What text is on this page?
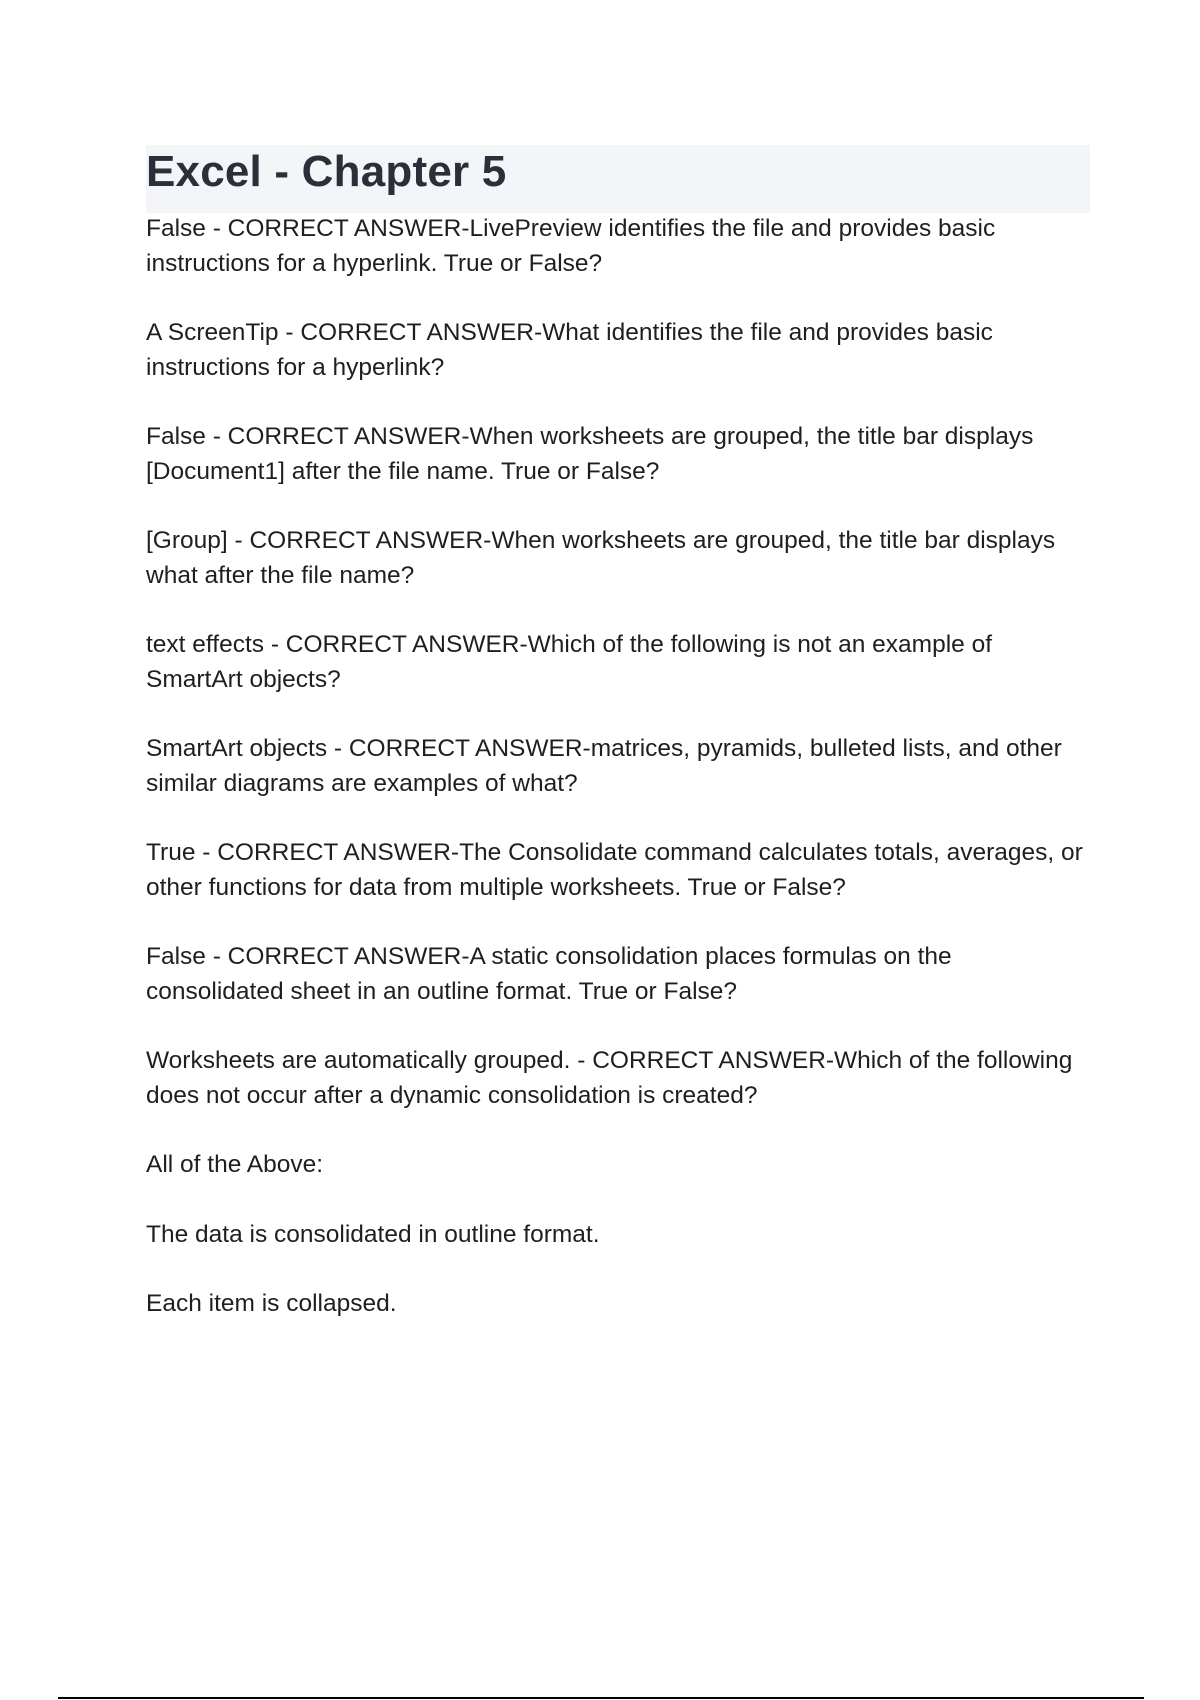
Excel - Chapter 5

False - CORRECT ANSWER-LivePreview identifies the file and provides basic instructions for a hyperlink. True or False?

A ScreenTip - CORRECT ANSWER-What identifies the file and provides basic instructions for a hyperlink?

False - CORRECT ANSWER-When worksheets are grouped, the title bar displays [Document1] after the file name. True or False?

[Group] - CORRECT ANSWER-When worksheets are grouped, the title bar displays what after the file name?

text effects - CORRECT ANSWER-Which of the following is not an example of SmartArt objects?

SmartArt objects - CORRECT ANSWER-matrices, pyramids, bulleted lists, and other similar diagrams are examples of what?

True - CORRECT ANSWER-The Consolidate command calculates totals, averages, or other functions for data from multiple worksheets. True or False?

False - CORRECT ANSWER-A static consolidation places formulas on the consolidated sheet in an outline format. True or False?

Worksheets are automatically grouped. - CORRECT ANSWER-Which of the following does not occur after a dynamic consolidation is created?

All of the Above:

The data is consolidated in outline format.

Each item is collapsed.
